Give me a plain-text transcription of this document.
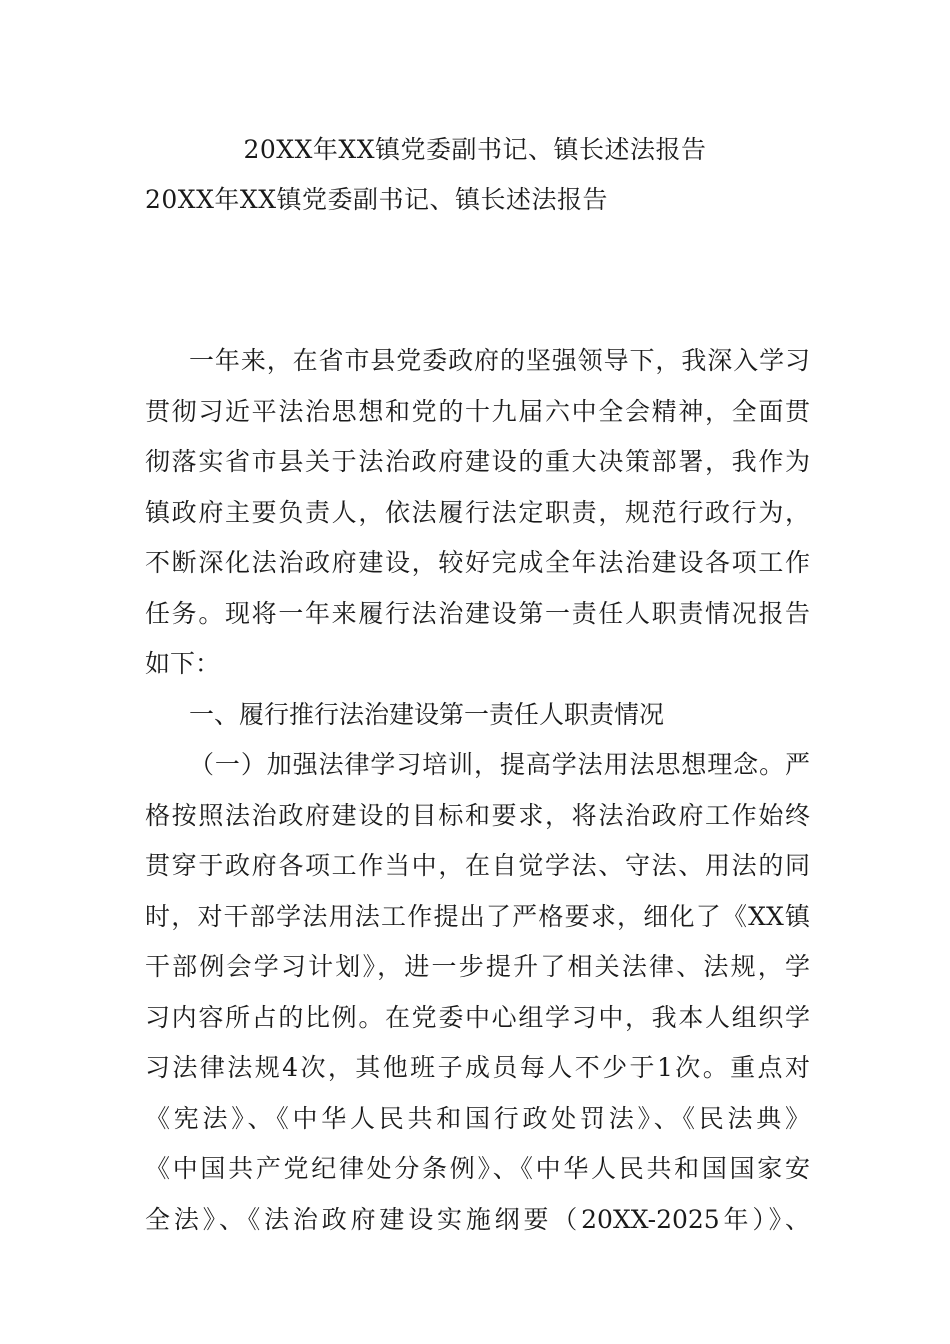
20XX年XX镇党委副书记、镇长述法报告
20XX年XX镇党委副书记、镇长述法报告
一年来，在省市县党委政府的坚强领导下，我深入学习
贯彻习近平法治思想和党的十九届六中全会精神，全面贯
彻落实省市县关于法治政府建设的重大决策部署，我作为
镇政府主要负责人，依法履行法定职责，规范行政行为，
不断深化法治政府建设，较好完成全年法治建设各项工作
任务。现将一年来履行法治建设第一责任人职责情况报告
如下：
一、履行推行法治建设第一责任人职责情况
（一）加强法律学习培训，提高学法用法思想理念。严
格按照法治政府建设的目标和要求，将法治政府工作始终
贯穿于政府各项工作当中，在自觉学法、守法、用法的同
时，对干部学法用法工作提出了严格要求，细化了《XX镇
干部例会学习计划》，进一步提升了相关法律、法规，学
习内容所占的比例。在党委中心组学习中，我本人组织学
习法律法规4次，其他班子成员每人不少于1次。重点对
《宪法》、《中华人民共和国行政处罚法》、《民法典》
《中国共产党纪律处分条例》、《中华人民共和国国家安
全法》、《法治政府建设实施纲要（20XX-2025年）》、
